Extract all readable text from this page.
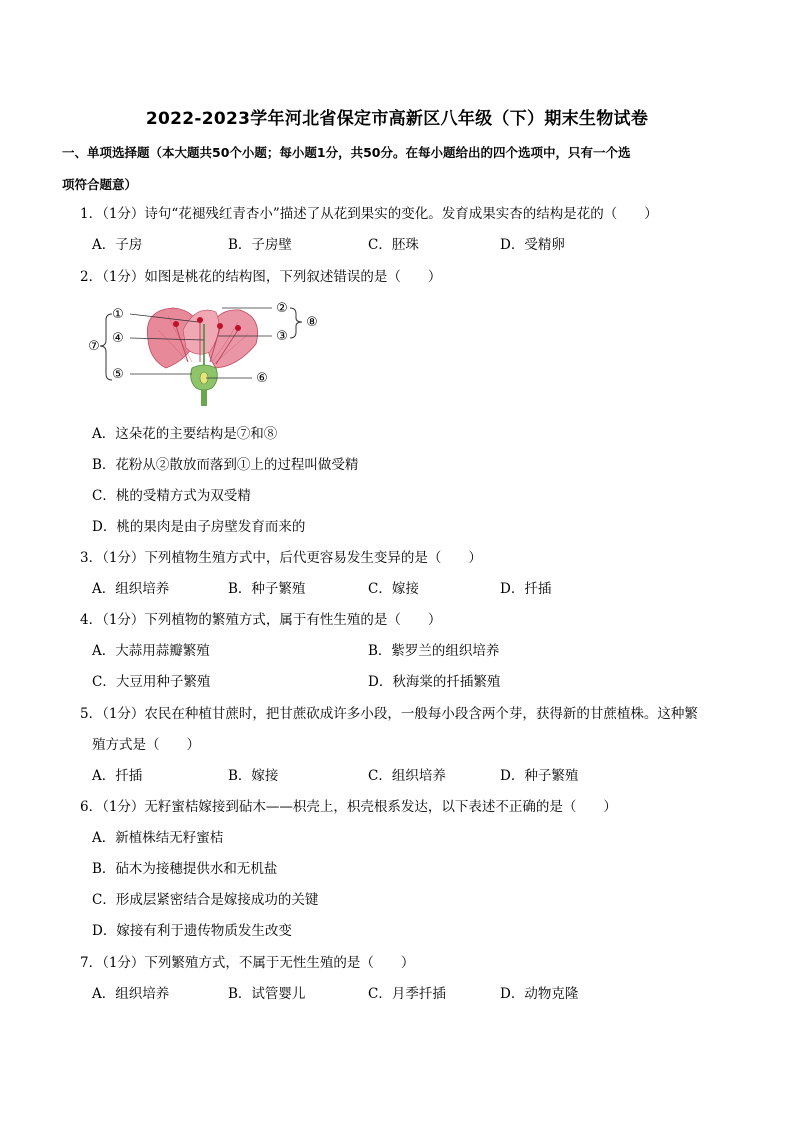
2022-2023学年河北省保定市高新区八年级（下）期末生物试卷
一、单项选择题（本大题共50个小题；每小题1分，共50分。在每小题给出的四个选项中，只有一个选
项符合题意）
1．（1分）诗句“花褪残红青杏小”描述了从花到果实的变化。发育成果实杏的结构是花的（　　）
A．子房	B．子房壁	C．胚珠	D．受精卵
2．（1分）如图是桃花的结构图，下列叙述错误的是（　　）
①	②
③
④
⑤	⑥
⑦
⑧
A．这朵花的主要结构是⑦和⑧
B．花粉从②散放而落到①上的过程叫做受精
C．桃的受精方式为双受精
D．桃的果肉是由子房壁发育而来的
3．（1分）下列植物生殖方式中，后代更容易发生变异的是（　　）
A．组织培养	B．种子繁殖	C．嫁接	D．扦插
4．（1分）下列植物的繁殖方式，属于有性生殖的是（　　）
A．大蒜用蒜瓣繁殖	B．紫罗兰的组织培养
C．大豆用种子繁殖	D．秋海棠的扦插繁殖
5．（1分）农民在种植甘蔗时，把甘蔗砍成许多小段，一般每小段含两个芽，获得新的甘蔗植株。这种繁
殖方式是（　　）
A．扦插	B．嫁接	C．组织培养	D．种子繁殖
6．（1分）无籽蜜桔嫁接到砧木——枳壳上，枳壳根系发达，以下表述不正确的是（　　）
A．新植株结无籽蜜桔
B．砧木为接穗提供水和无机盐
C．形成层紧密结合是嫁接成功的关键
D．嫁接有利于遗传物质发生改变
7．（1分）下列繁殖方式，不属于无性生殖的是（　　）
A．组织培养	B．试管婴儿	C．月季扦插	D．动物克隆
